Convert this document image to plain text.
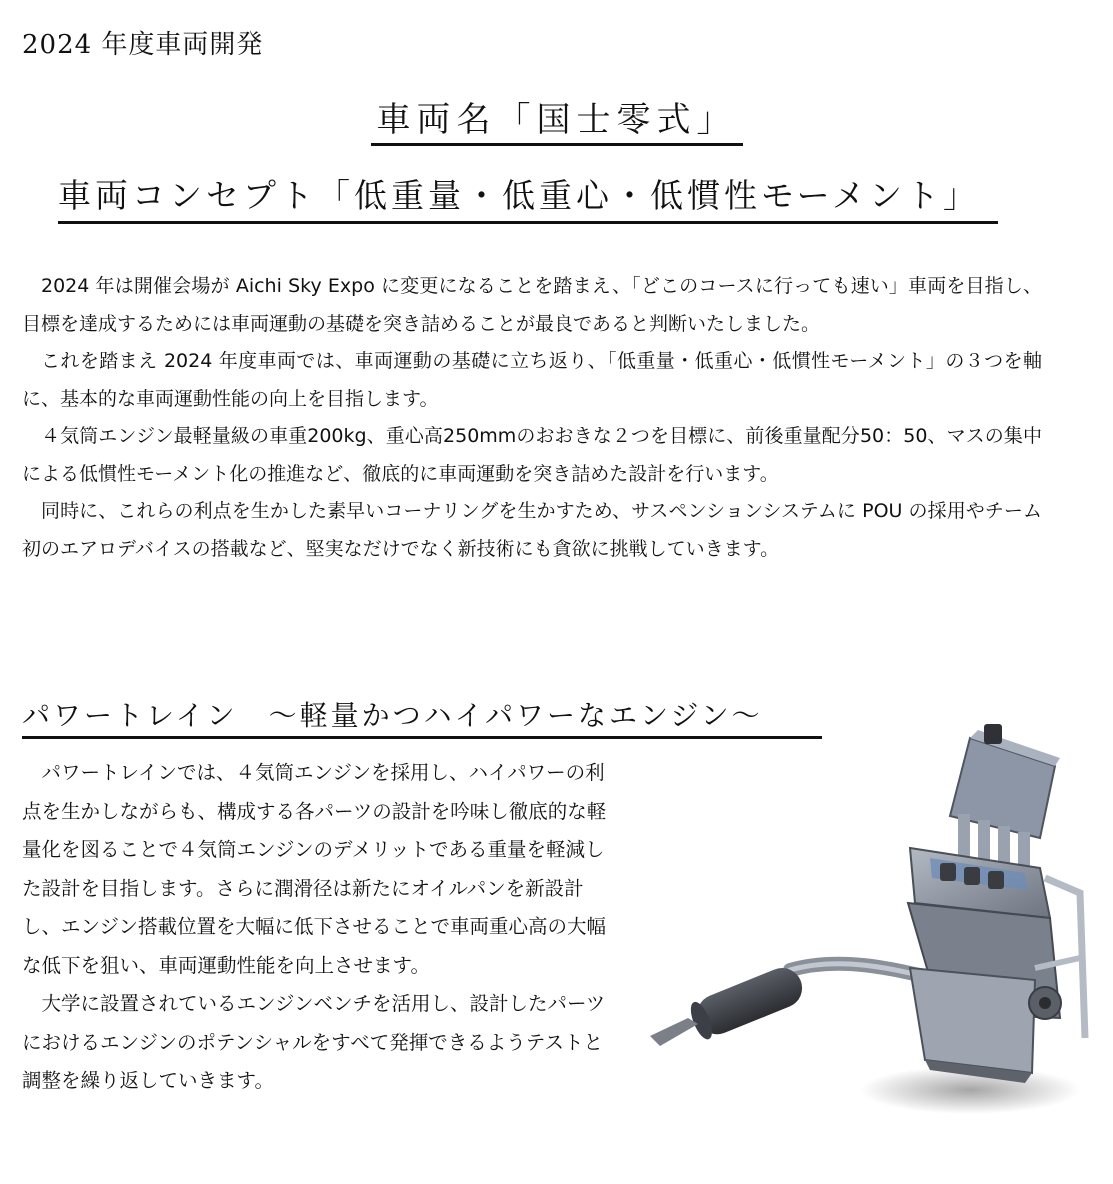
2024 年度車両開発
車両名「国士零式」
車両コンセプト「低重量・低重心・低慣性モーメント」

2024 年は開催会場が Aichi Sky Expo に変更になることを踏まえ、「どこのコースに行っても速い」車両を目指し、目標を達成するためには車両運動の基礎を突き詰めることが最良であると判断いたしました。

これを踏まえ 2024 年度車両では、車両運動の基礎に立ち返り、「低重量・低重心・低慣性モーメント」の３つを軸に、基本的な車両運動性能の向上を目指します。

４気筒エンジン最軽量級の車重200kg、重心高250mmのおおきな２つを目標に、前後重量配分50：50、マスの集中による低慣性モーメント化の推進など、徹底的に車両運動を突き詰めた設計を行います。

同時に、これらの利点を生かした素早いコーナリングを生かすため、サスペンションシステムに POU の採用やチーム初のエアロデバイスの搭載など、堅実なだけでなく新技術にも貪欲に挑戦していきます。

パワートレイン　～軽量かつハイパワーなエンジン～

パワートレインでは、４気筒エンジンを採用し、ハイパワーの利点を生かしながらも、構成する各パーツの設計を吟味し徹底的な軽量化を図ることで４気筒エンジンのデメリットである重量を軽減した設計を目指します。さらに潤滑径は新たにオイルパンを新設計し、エンジン搭載位置を大幅に低下させることで車両重心高の大幅な低下を狙い、車両運動性能を向上させます。

大学に設置されているエンジンベンチを活用し、設計したパーツにおけるエンジンのポテンシャルをすべて発揮できるようテストと調整を繰り返していきます。
